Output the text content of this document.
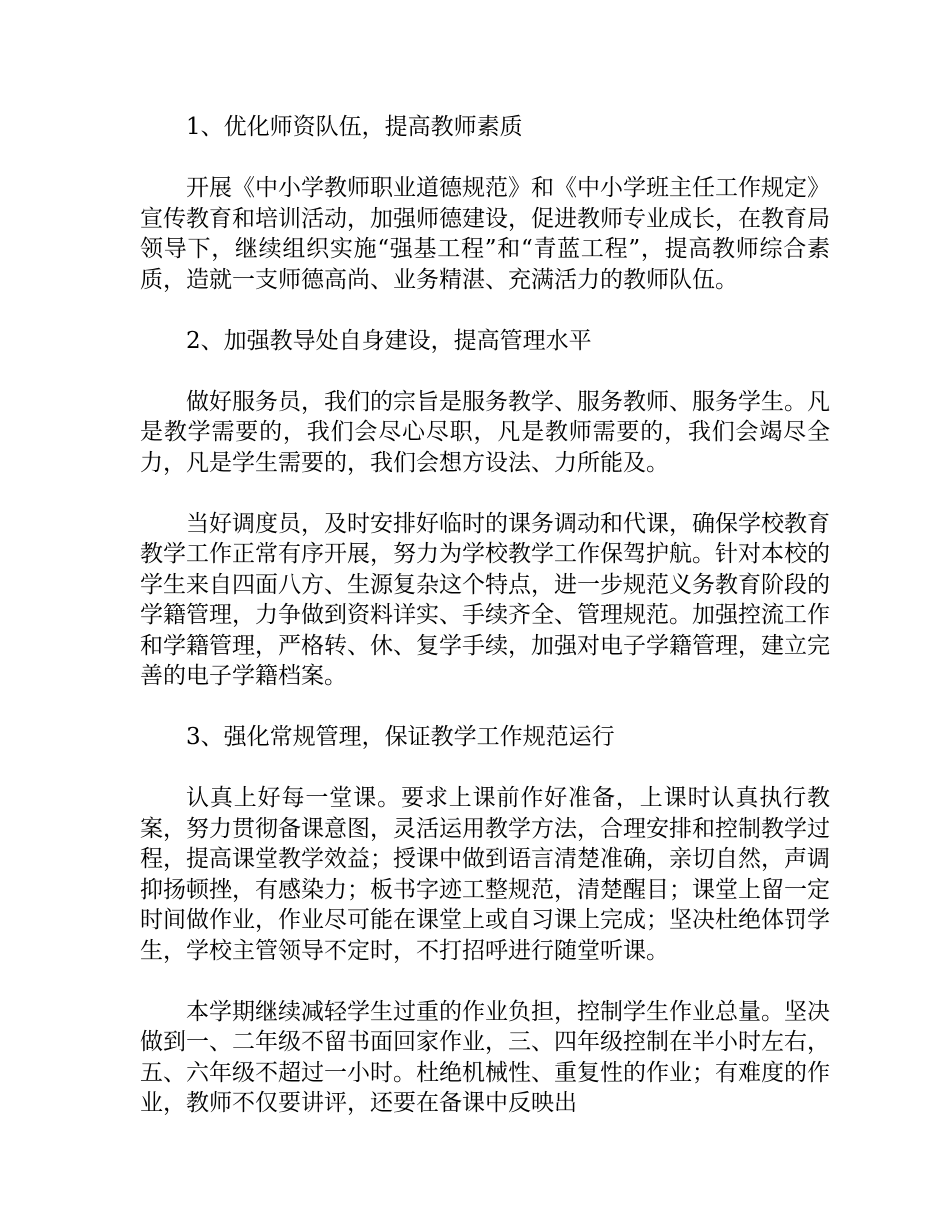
1、优化师资队伍，提高教师素质

开展《中小学教师职业道德规范》和《中小学班主任工作规定》宣传教育和培训活动，加强师德建设，促进教师专业成长，在教育局领导下，继续组织实施“强基工程”和“青蓝工程”，提高教师综合素质，造就一支师德高尚、业务精湛、充满活力的教师队伍。

2、加强教导处自身建设，提高管理水平

做好服务员，我们的宗旨是服务教学、服务教师、服务学生。凡是教学需要的，我们会尽心尽职，凡是教师需要的，我们会竭尽全力，凡是学生需要的，我们会想方设法、力所能及。

当好调度员，及时安排好临时的课务调动和代课，确保学校教育教学工作正常有序开展，努力为学校教学工作保驾护航。针对本校的学生来自四面八方、生源复杂这个特点，进一步规范义务教育阶段的学籍管理，力争做到资料详实、手续齐全、管理规范。加强控流工作和学籍管理，严格转、休、复学手续，加强对电子学籍管理，建立完善的电子学籍档案。

3、强化常规管理，保证教学工作规范运行

认真上好每一堂课。要求上课前作好准备，上课时认真执行教案，努力贯彻备课意图，灵活运用教学方法，合理安排和控制教学过程，提高课堂教学效益；授课中做到语言清楚准确，亲切自然，声调抑扬顿挫，有感染力；板书字迹工整规范，清楚醒目；课堂上留一定时间做作业，作业尽可能在课堂上或自习课上完成；坚决杜绝体罚学生，学校主管领导不定时，不打招呼进行随堂听课。

本学期继续减轻学生过重的作业负担，控制学生作业总量。坚决做到一、二年级不留书面回家作业，三、四年级控制在半小时左右，五、六年级不超过一小时。杜绝机械性、重复性的作业；有难度的作业，教师不仅要讲评，还要在备课中反映出
